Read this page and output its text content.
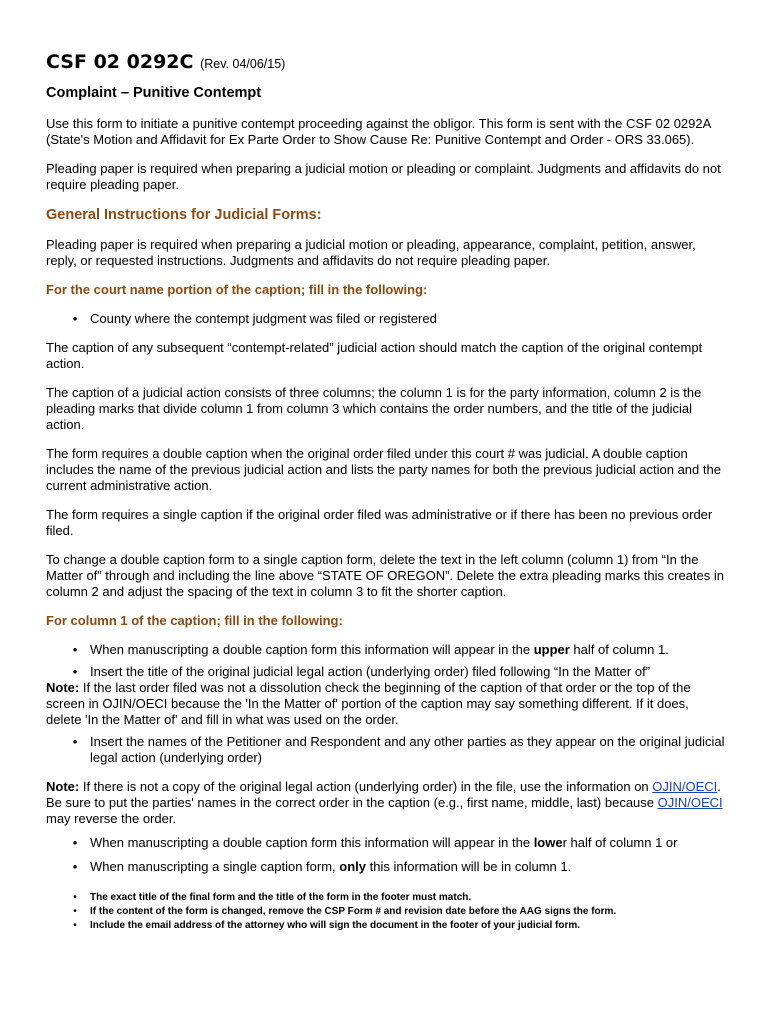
CSF 02 0292C (Rev. 04/06/15)
Complaint – Punitive Contempt

Use this form to initiate a punitive contempt proceeding against the obligor. This form is sent with the CSF 02 0292A (State's Motion and Affidavit for Ex Parte Order to Show Cause Re: Punitive Contempt and Order - ORS 33.065).

Pleading paper is required when preparing a judicial motion or pleading or complaint. Judgments and affidavits do not require pleading paper.

General Instructions for Judicial Forms:

Pleading paper is required when preparing a judicial motion or pleading, appearance, complaint, petition, answer, reply, or requested instructions. Judgments and affidavits do not require pleading paper.

For the court name portion of the caption; fill in the following:
• County where the contempt judgment was filed or registered

The caption of any subsequent “contempt-related” judicial action should match the caption of the original contempt action.

The caption of a judicial action consists of three columns; the column 1 is for the party information, column 2 is the pleading marks that divide column 1 from column 3 which contains the order numbers, and the title of the judicial action.

The form requires a double caption when the original order filed under this court # was judicial. A double caption includes the name of the previous judicial action and lists the party names for both the previous judicial action and the current administrative action.

The form requires a single caption if the original order filed was administrative or if there has been no previous order filed.

To change a double caption form to a single caption form, delete the text in the left column (column 1) from “In the Matter of” through and including the line above “STATE OF OREGON”. Delete the extra pleading marks this creates in column 2 and adjust the spacing of the text in column 3 to fit the shorter caption.

For column 1 of the caption; fill in the following:
• When manuscripting a double caption form this information will appear in the upper half of column 1.
• Insert the title of the original judicial legal action (underlying order) filed following “In the Matter of”
Note: If the last order filed was not a dissolution check the beginning of the caption of that order or the top of the screen in OJIN/OECI because the 'In the Matter of' portion of the caption may say something different. If it does, delete 'In the Matter of' and fill in what was used on the order.
• Insert the names of the Petitioner and Respondent and any other parties as they appear on the original judicial legal action (underlying order)
Note: If there is not a copy of the original legal action (underlying order) in the file, use the information on OJIN/OECI. Be sure to put the parties' names in the correct order in the caption (e.g., first name, middle, last) because OJIN/OECI may reverse the order.
• When manuscripting a double caption form this information will appear in the lower half of column 1 or
• When manuscripting a single caption form, only this information will be in column 1.
•	The exact title of the final form and the title of the form in the footer must match.
•	If the content of the form is changed, remove the CSP Form # and revision date before the AAG signs the form.
•	Include the email address of the attorney who will sign the document in the footer of your judicial form.
